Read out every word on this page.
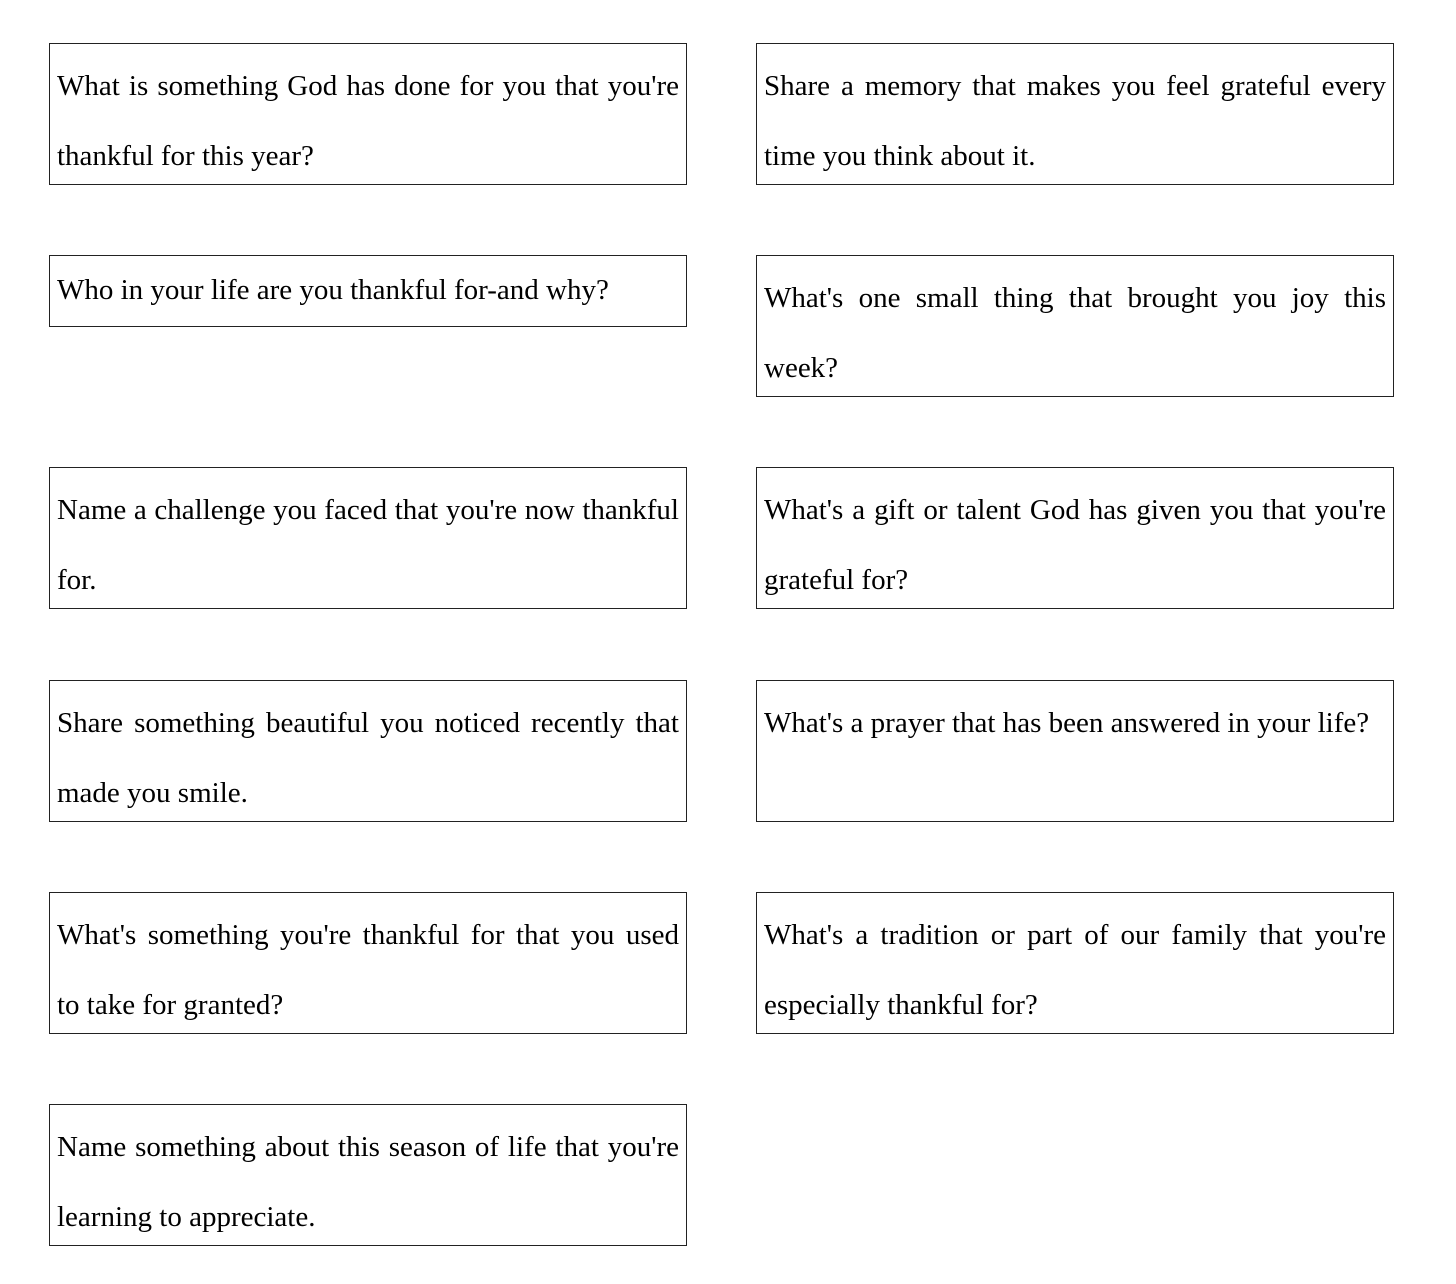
What is something God has done for you that you're thankful for this year?

Share a memory that makes you feel grateful every time you think about it.

Who in your life are you thankful for-and why?	What's one small thing that brought you joy this week?

Name a challenge you faced that you're now thankful for.

What's a gift or talent God has given you that you're grateful for?

Share something beautiful you noticed recently that made you smile.

What's a prayer that has been answered in your life?

What's something you're thankful for that you used to take for granted?

What's a tradition or part of our family that you're especially thankful for?

Name something about this season of life that you're learning to appreciate.
